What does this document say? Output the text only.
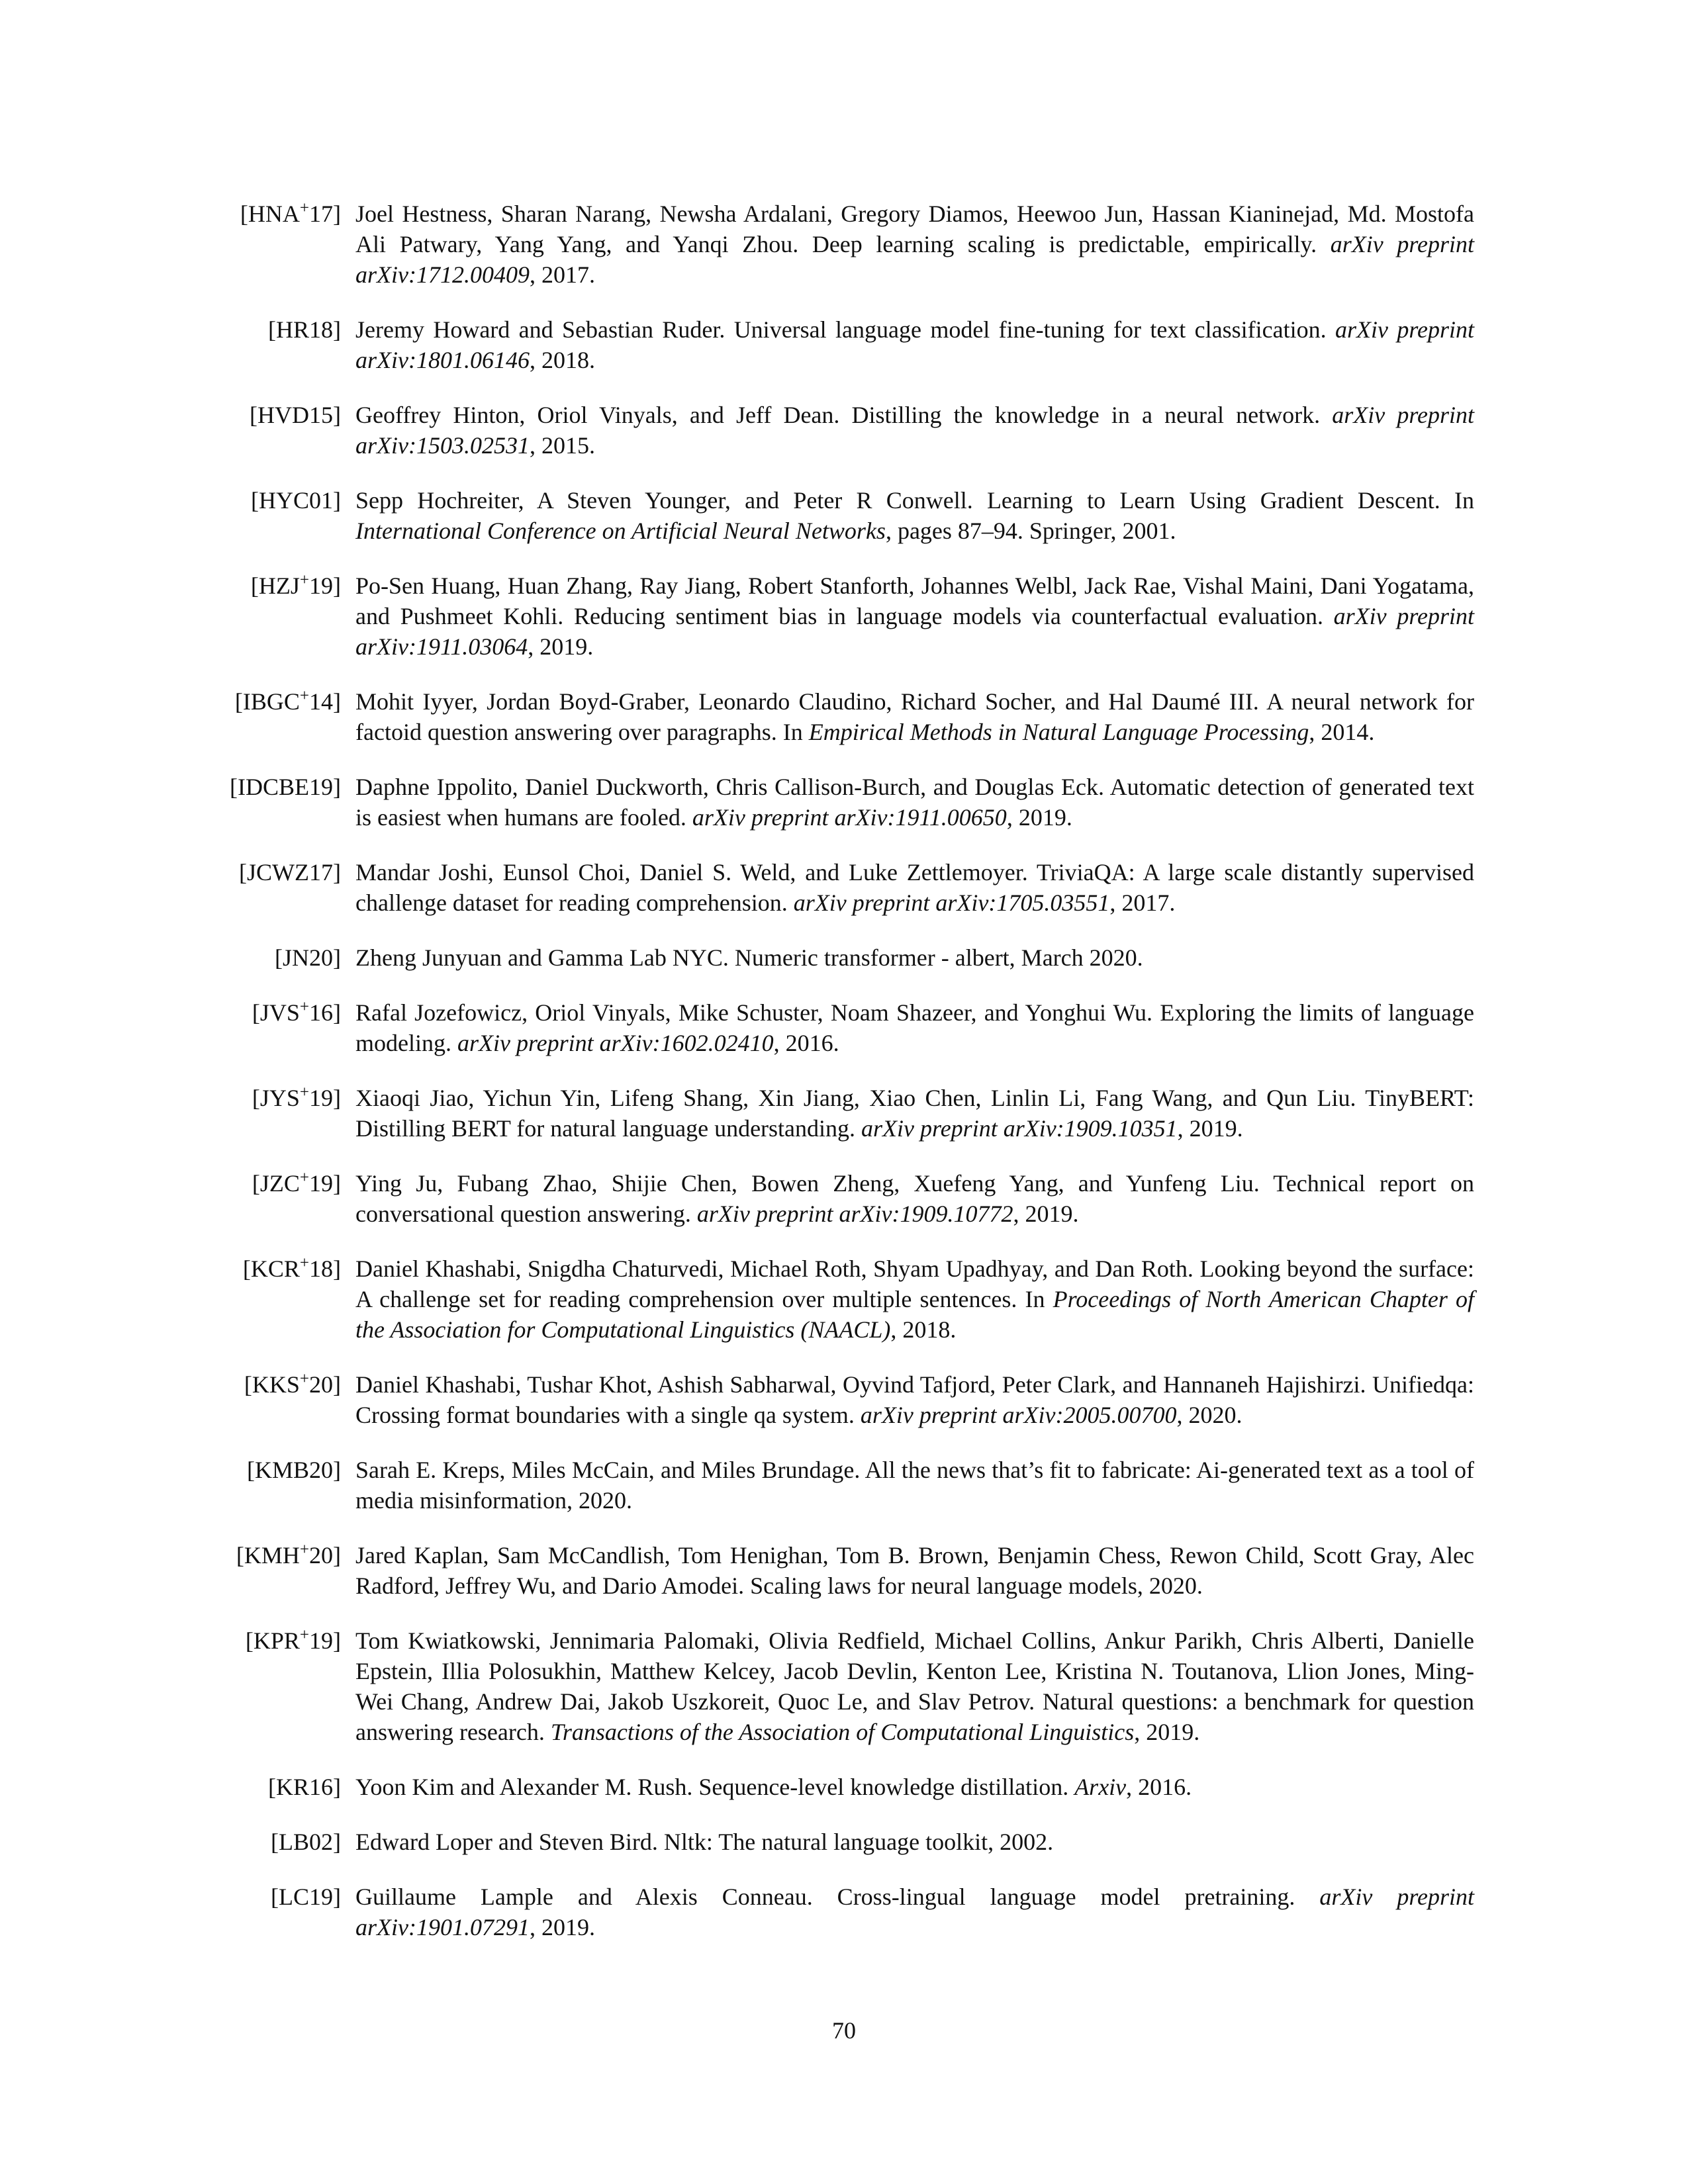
[HNA+17] Joel Hestness, Sharan Narang, Newsha Ardalani, Gregory Diamos, Heewoo Jun, Hassan Kianinejad, Md. Mostofa Ali Patwary, Yang Yang, and Yanqi Zhou. Deep learning scaling is predictable, empirically. arXiv preprint arXiv:1712.00409, 2017.
[HR18] Jeremy Howard and Sebastian Ruder. Universal language model fine-tuning for text classification. arXiv preprint arXiv:1801.06146, 2018.
[HVD15] Geoffrey Hinton, Oriol Vinyals, and Jeff Dean. Distilling the knowledge in a neural network. arXiv preprint arXiv:1503.02531, 2015.
[HYC01] Sepp Hochreiter, A Steven Younger, and Peter R Conwell. Learning to Learn Using Gradient Descent. In International Conference on Artificial Neural Networks, pages 87–94. Springer, 2001.
[HZJ+19] Po-Sen Huang, Huan Zhang, Ray Jiang, Robert Stanforth, Johannes Welbl, Jack Rae, Vishal Maini, Dani Yogatama, and Pushmeet Kohli. Reducing sentiment bias in language models via counterfactual evaluation. arXiv preprint arXiv:1911.03064, 2019.
[IBGC+14] Mohit Iyyer, Jordan Boyd-Graber, Leonardo Claudino, Richard Socher, and Hal Daumé III. A neural network for factoid question answering over paragraphs. In Empirical Methods in Natural Language Processing, 2014.
[IDCBE19] Daphne Ippolito, Daniel Duckworth, Chris Callison-Burch, and Douglas Eck. Automatic detection of generated text is easiest when humans are fooled. arXiv preprint arXiv:1911.00650, 2019.
[JCWZ17] Mandar Joshi, Eunsol Choi, Daniel S. Weld, and Luke Zettlemoyer. TriviaQA: A large scale distantly supervised challenge dataset for reading comprehension. arXiv preprint arXiv:1705.03551, 2017.
[JN20] Zheng Junyuan and Gamma Lab NYC. Numeric transformer - albert, March 2020.
[JVS+16] Rafal Jozefowicz, Oriol Vinyals, Mike Schuster, Noam Shazeer, and Yonghui Wu. Exploring the limits of language modeling. arXiv preprint arXiv:1602.02410, 2016.
[JYS+19] Xiaoqi Jiao, Yichun Yin, Lifeng Shang, Xin Jiang, Xiao Chen, Linlin Li, Fang Wang, and Qun Liu. TinyBERT: Distilling BERT for natural language understanding. arXiv preprint arXiv:1909.10351, 2019.
[JZC+19] Ying Ju, Fubang Zhao, Shijie Chen, Bowen Zheng, Xuefeng Yang, and Yunfeng Liu. Technical report on conversational question answering. arXiv preprint arXiv:1909.10772, 2019.
[KCR+18] Daniel Khashabi, Snigdha Chaturvedi, Michael Roth, Shyam Upadhyay, and Dan Roth. Looking beyond the surface: A challenge set for reading comprehension over multiple sentences. In Proceedings of North American Chapter of the Association for Computational Linguistics (NAACL), 2018.
[KKS+20] Daniel Khashabi, Tushar Khot, Ashish Sabharwal, Oyvind Tafjord, Peter Clark, and Hannaneh Hajishirzi. Unifiedqa: Crossing format boundaries with a single qa system. arXiv preprint arXiv:2005.00700, 2020.
[KMB20] Sarah E. Kreps, Miles McCain, and Miles Brundage. All the news that’s fit to fabricate: Ai-generated text as a tool of media misinformation, 2020.
[KMH+20] Jared Kaplan, Sam McCandlish, Tom Henighan, Tom B. Brown, Benjamin Chess, Rewon Child, Scott Gray, Alec Radford, Jeffrey Wu, and Dario Amodei. Scaling laws for neural language models, 2020.
[KPR+19] Tom Kwiatkowski, Jennimaria Palomaki, Olivia Redfield, Michael Collins, Ankur Parikh, Chris Alberti, Danielle Epstein, Illia Polosukhin, Matthew Kelcey, Jacob Devlin, Kenton Lee, Kristina N. Toutanova, Llion Jones, Ming-Wei Chang, Andrew Dai, Jakob Uszkoreit, Quoc Le, and Slav Petrov. Natural questions: a benchmark for question answering research. Transactions of the Association of Computational Linguistics, 2019.
[KR16] Yoon Kim and Alexander M. Rush. Sequence-level knowledge distillation. Arxiv, 2016.
[LB02] Edward Loper and Steven Bird. Nltk: The natural language toolkit, 2002.
[LC19] Guillaume Lample and Alexis Conneau. Cross-lingual language model pretraining. arXiv preprint arXiv:1901.07291, 2019.
70
